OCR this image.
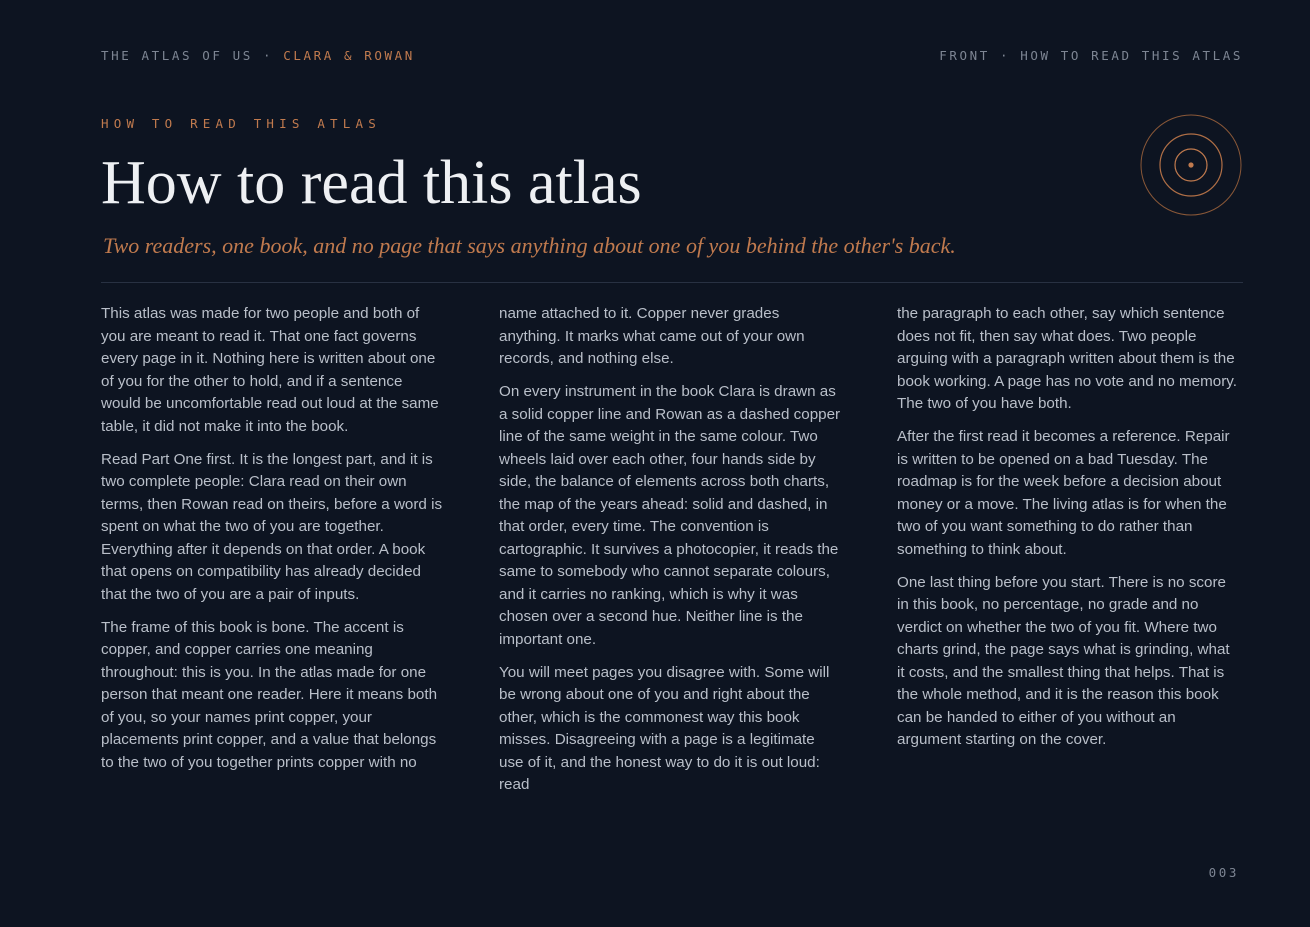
THE ATLAS OF US · CLARA & ROWAN	FRONT · HOW TO READ THIS ATLAS
HOW TO READ THIS ATLAS
How to read this atlas

Two readers, one book, and no page that says anything about one of you behind the other's back.

This atlas was made for two people and both of you are meant to read it. That one fact governs every page in it. Nothing here is written about one of you for the other to hold, and if a sentence would be uncomfortable read out loud at the same table, it did not make it into the book.

Read Part One first. It is the longest part, and it is two complete people: Clara read on their own terms, then Rowan read on theirs, before a word is spent on what the two of you are together. Everything after it depends on that order. A book that opens on compatibility has already decided that the two of you are a pair of inputs.

The frame of this book is bone. The accent is copper, and copper carries one meaning throughout: this is you. In the atlas made for one person that meant one reader. Here it means both of you, so your names print copper, your placements print copper, and a value that belongs to the two of you together prints copper with no

name attached to it. Copper never grades anything. It marks what came out of your own records, and nothing else.

On every instrument in the book Clara is drawn as a solid copper line and Rowan as a dashed copper line of the same weight in the same colour. Two wheels laid over each other, four hands side by side, the balance of elements across both charts, the map of the years ahead: solid and dashed, in that order, every time. The convention is cartographic. It survives a photocopier, it reads the same to somebody who cannot separate colours, and it carries no ranking, which is why it was chosen over a second hue. Neither line is the important one.

You will meet pages you disagree with. Some will be wrong about one of you and right about the other, which is the commonest way this book misses. Disagreeing with a page is a legitimate use of it, and the honest way to do it is out loud: read

the paragraph to each other, say which sentence does not fit, then say what does. Two people arguing with a paragraph written about them is the book working. A page has no vote and no memory. The two of you have both.

After the first read it becomes a reference. Repair is written to be opened on a bad Tuesday. The roadmap is for the week before a decision about money or a move. The living atlas is for when the two of you want something to do rather than something to think about.

One last thing before you start. There is no score in this book, no percentage, no grade and no verdict on whether the two of you fit. Where two charts grind, the page says what is grinding, what it costs, and the smallest thing that helps. That is the whole method, and it is the reason this book can be handed to either of you without an argument starting on the cover.

003
